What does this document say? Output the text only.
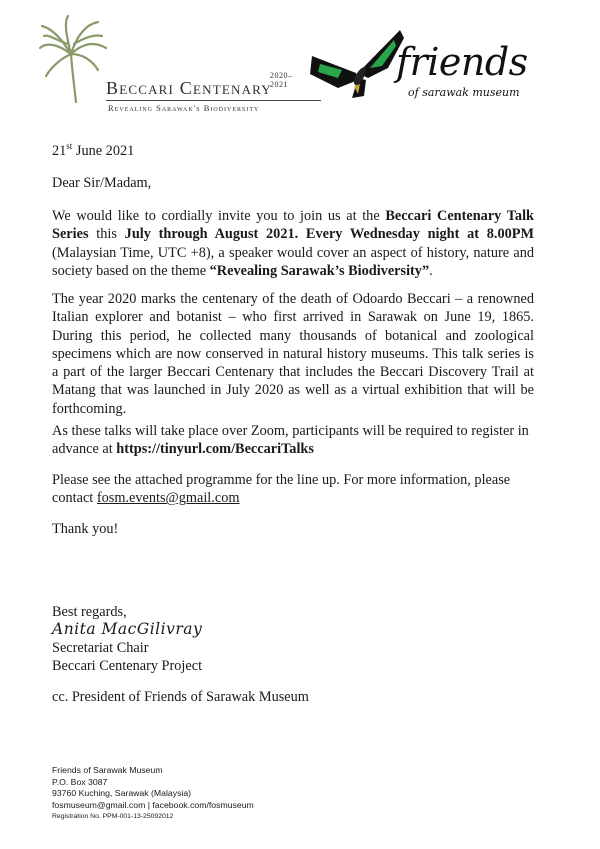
2020–2021
Beccari Centenary
Revealing Sarawak's Biodiversity
friends
of sarawak museum
21st June 2021
Dear Sir/Madam,
We would like to cordially invite you to join us at the Beccari Centenary Talk Series this July through August 2021. Every Wednesday night at 8.00PM (Malaysian Time, UTC +8), a speaker would cover an aspect of history, nature and society based on the theme “Revealing Sarawak’s Biodiversity”.
The year 2020 marks the centenary of the death of Odoardo Beccari – a renowned Italian explorer and botanist – who first arrived in Sarawak on June 19, 1865. During this period, he collected many thousands of botanical and zoological specimens which are now conserved in natural history museums. This talk series is a part of the larger Beccari Centenary that includes the Beccari Discovery Trail at Matang that was launched in July 2020 as well as a virtual exhibition that will be forthcoming.
As these talks will take place over Zoom, participants will be required to register in advance at https://tinyurl.com/BeccariTalks
Please see the attached programme for the line up. For more information, please contact fosm.events@gmail.com
Thank you!
Best regards,
Anita MacGilivray
Secretariat Chair
Beccari Centenary Project
cc. President of Friends of Sarawak Museum
Friends of Sarawak Museum
P.O. Box 3087
93760 Kuching, Sarawak (Malaysia)
fosmuseum@gmail.com | facebook.com/fosmuseum
Registration No. PPM-001-13-25092012
